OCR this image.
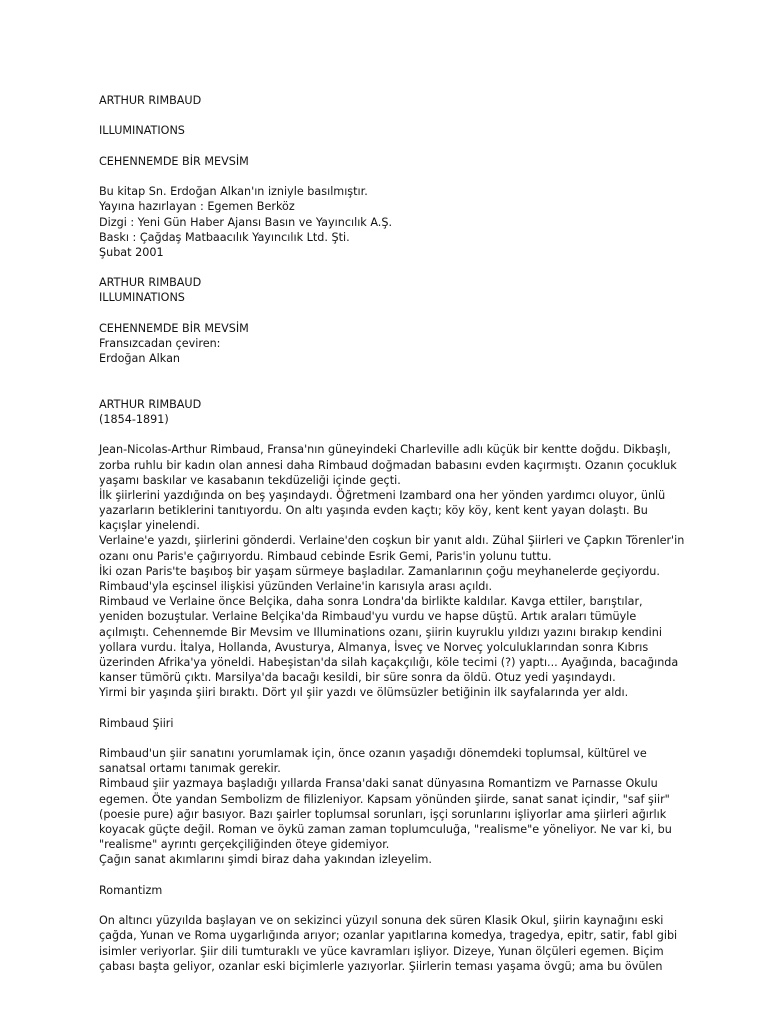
ARTHUR RIMBAUD
ILLUMINATIONS
CEHENNEMDE BİR MEVSİM
Bu kitap Sn. Erdoğan Alkan'ın izniyle basılmıştır.
Yayına hazırlayan : Egemen Berköz
Dizgi : Yeni Gün Haber Ajansı Basın ve Yayıncılık A.Ş.
Baskı : Çağdaş Matbaacılık Yayıncılık Ltd. Şti.
Şubat 2001
ARTHUR RIMBAUD
ILLUMINATIONS
CEHENNEMDE BİR MEVSİM
Fransızcadan çeviren:
Erdoğan Alkan
ARTHUR RIMBAUD
(1854-1891)
Jean-Nicolas-Arthur Rimbaud, Fransa'nın güneyindeki Charleville adlı küçük bir kentte doğdu. Dikbaşlı,
zorba ruhlu bir kadın olan annesi daha Rimbaud doğmadan babasını evden kaçırmıştı. Ozanın çocukluk
yaşamı baskılar ve kasabanın tekdüzeliği içinde geçti.
İlk şiirlerini yazdığında on beş yaşındaydı. Öğretmeni Izambard ona her yönden yardımcı oluyor, ünlü
yazarların betiklerini tanıtıyordu. On altı yaşında evden kaçtı; köy köy, kent kent yayan dolaştı. Bu
kaçışlar yinelendi.
Verlaine'e yazdı, şiirlerini gönderdi. Verlaine'den coşkun bir yanıt aldı. Zühal Şiirleri ve Çapkın Törenler'in
ozanı onu Paris'e çağırıyordu. Rimbaud cebinde Esrik Gemi, Paris'in yolunu tuttu.
İki ozan Paris'te başıboş bir yaşam sürmeye başladılar. Zamanlarının çoğu meyhanelerde geçiyordu.
Rimbaud'yla eşcinsel ilişkisi yüzünden Verlaine'in karısıyla arası açıldı.
Rimbaud ve Verlaine önce Belçika, daha sonra Londra'da birlikte kaldılar. Kavga ettiler, barıştılar,
yeniden bozuştular. Verlaine Belçika'da Rimbaud'yu vurdu ve hapse düştü. Artık araları tümüyle
açılmıştı. Cehennemde Bir Mevsim ve Illuminations ozanı, şiirin kuyruklu yıldızı yazını bırakıp kendini
yollara vurdu. İtalya, Hollanda, Avusturya, Almanya, İsveç ve Norveç yolculuklarından sonra Kıbrıs
üzerinden Afrika'ya yöneldi. Habeşistan'da silah kaçakçılığı, köle tecimi (?) yaptı... Ayağında, bacağında
kanser tümörü çıktı. Marsilya'da bacağı kesildi, bir süre sonra da öldü. Otuz yedi yaşındaydı.
Yirmi bir yaşında şiiri bıraktı. Dört yıl şiir yazdı ve ölümsüzler betiğinin ilk sayfalarında yer aldı.
Rimbaud Şiiri
Rimbaud'un şiir sanatını yorumlamak için, önce ozanın yaşadığı dönemdeki toplumsal, kültürel ve
sanatsal ortamı tanımak gerekir.
Rimbaud şiir yazmaya başladığı yıllarda Fransa'daki sanat dünyasına Romantizm ve Parnasse Okulu
egemen. Öte yandan Sembolizm de filizleniyor. Kapsam yönünden şiirde, sanat sanat içindir, "saf şiir"
(poesie pure) ağır basıyor. Bazı şairler toplumsal sorunları, işçi sorunlarını işliyorlar ama şiirleri ağırlık
koyacak güçte değil. Roman ve öykü zaman zaman toplumculuğa, "realisme"e yöneliyor. Ne var ki, bu
"realisme" ayrıntı gerçekçiliğinden öteye gidemiyor.
Çağın sanat akımlarını şimdi biraz daha yakından izleyelim.
Romantizm
On altıncı yüzyılda başlayan ve on sekizinci yüzyıl sonuna dek süren Klasik Okul, şiirin kaynağını eski
çağda, Yunan ve Roma uygarlığında arıyor; ozanlar yapıtlarına komedya, tragedya, epitr, satir, fabl gibi
isimler veriyorlar. Şiir dili tumturaklı ve yüce kavramları işliyor. Dizeye, Yunan ölçüleri egemen. Biçim
çabası başta geliyor, ozanlar eski biçimlerle yazıyorlar. Şiirlerin teması yaşama övgü; ama bu övülen
